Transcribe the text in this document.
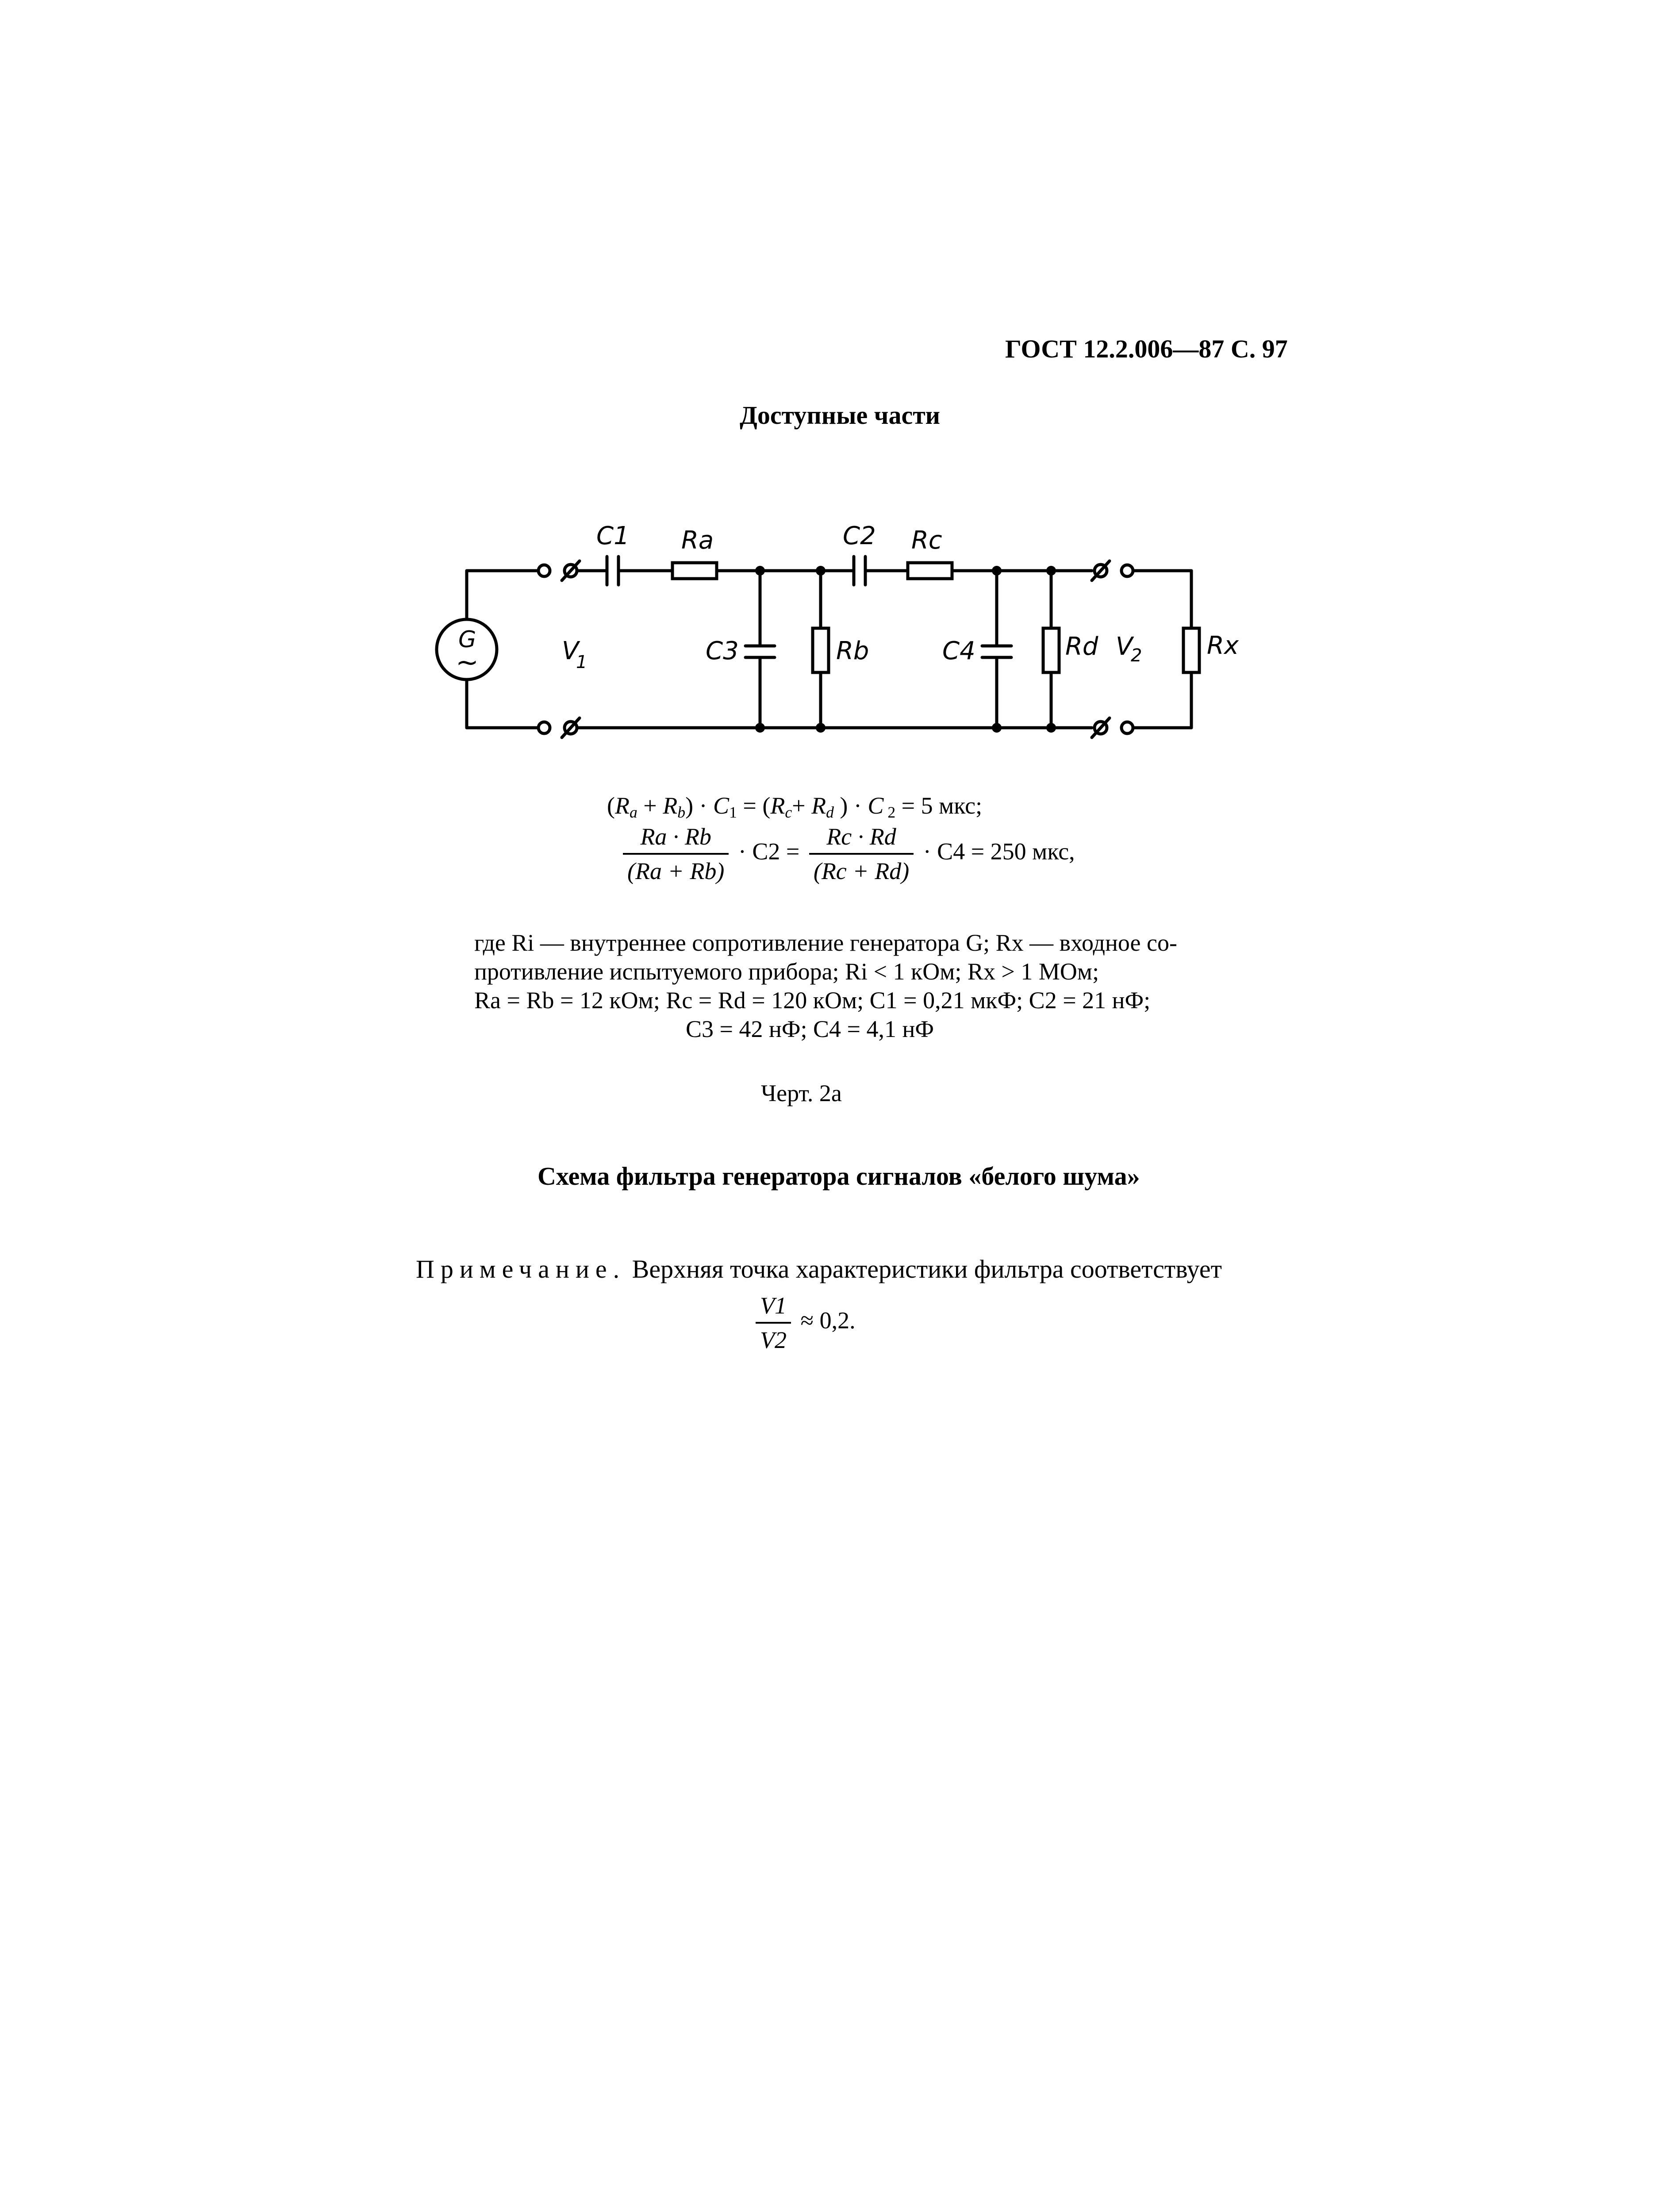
ГОСТ 12.2.006—87 С. 97
Доступные части
C1 Ra	C2 Rc
C3	Rb	C4	Rd
V
1
V
2	Rx
G
~
$(R_a + R_b) \cdot C_1 = (R_c+ R_d$ ) · C $_2$ = 5 мкс;
$\frac{Ra \cdot Rb}{(Ra + Rb)} \cdot C2 = \frac{Rc \cdot Rd}{(Rc + Rd)} \cdot C4 = 250$ мкс,
где Ri — внутреннее сопротивление генератора G; Rx — входное со-
противление испытуемого прибора; Ri < 1 кОм; Rx > 1 МОм;
Ra = Rb = 12 кОм; Rc = Rd = 120 кОм; C1 = 0,21 мкФ; C2 = 21 нФ;
C3 = 42 нФ; C4 = 4,1 нФ
Черт. 2а
Схема фильтра генератора сигналов «белого шума»
Примечание. Верхняя точка характеристики фильтра соответствует
$\frac{V1}{V2} \approx 0,2$.
